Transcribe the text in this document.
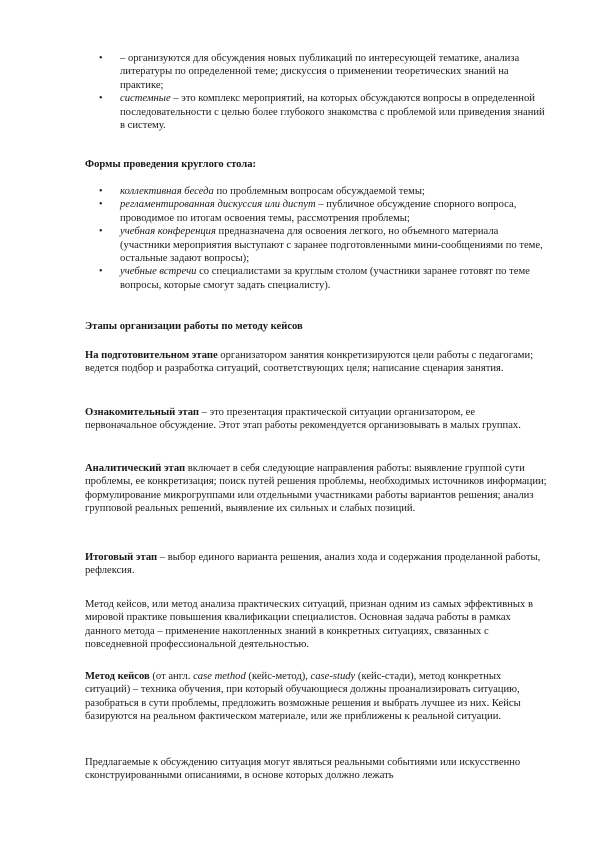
•	– организуются для обсуждения новых публикаций по интересующей тематике, анализа литературы по определенной теме; дискуссия о применении теоретических знаний на практике;
•	системные – это комплекс мероприятий, на которых обсуждаются вопросы в определенной последовательности с целью более глубокого знакомства с проблемой или приведения знаний в систему.
Формы проведения круглого стола:
•	коллективная беседа по проблемным вопросам обсуждаемой темы;
•	регламентированная дискуссия или диспут – публичное обсуждение спорного вопроса, проводимое по итогам освоения темы, рассмотрения проблемы;
•	учебная конференция предназначена для освоения легкого, но объемного материала (участники мероприятия выступают с заранее подготовленными мини-сообщениями по теме, остальные задают вопросы);
•	учебные встречи со специалистами за круглым столом (участники заранее готовят по теме вопросы, которые смогут задать специалисту).
Этапы организации работы по методу кейсов

На подготовительном этапе организатором занятия конкретизируются цели работы с педагогами; ведется подбор и разработка ситуаций, соответствующих целя; написание сценария занятия.

Ознакомительный этап – это презентация практической ситуации организатором, ее первоначальное обсуждение. Этот этап работы рекомендуется организовывать в малых группах.

Аналитический этап включает в себя следующие направления работы: выявление группой сути проблемы, ее конкретизация; поиск путей решения проблемы, необходимых источников информации; формулирование микрогруппами или отдельными участниками работы вариантов решения; анализ групповой реальных решений, выявление их сильных и слабых позиций.

Итоговый этап – выбор единого варианта решения, анализ хода и содержания проделанной работы, рефлексия.

Метод кейсов, или метод анализа практических ситуаций, признан одним из самых эффективных в мировой практике повышения квалификации специалистов. Основная задача работы в рамках данного метода – применение накопленных знаний в конкретных ситуациях, связанных с повседневной профессиональной деятельностью.

Метод кейсов (от англ. case method (кейс-метод), case-study (кейс-стади), метод конкретных ситуаций) – техника обучения, при который обучающиеся должны проанализировать ситуацию, разобраться в сути проблемы, предложить возможные решения и выбрать лучшее из них. Кейсы базируются на реальном фактическом материале, или же приближены к реальной ситуации.

Предлагаемые к обсуждению ситуация могут являться реальными событиями или искусственно сконструированными описаниями, в основе которых должно лежать
